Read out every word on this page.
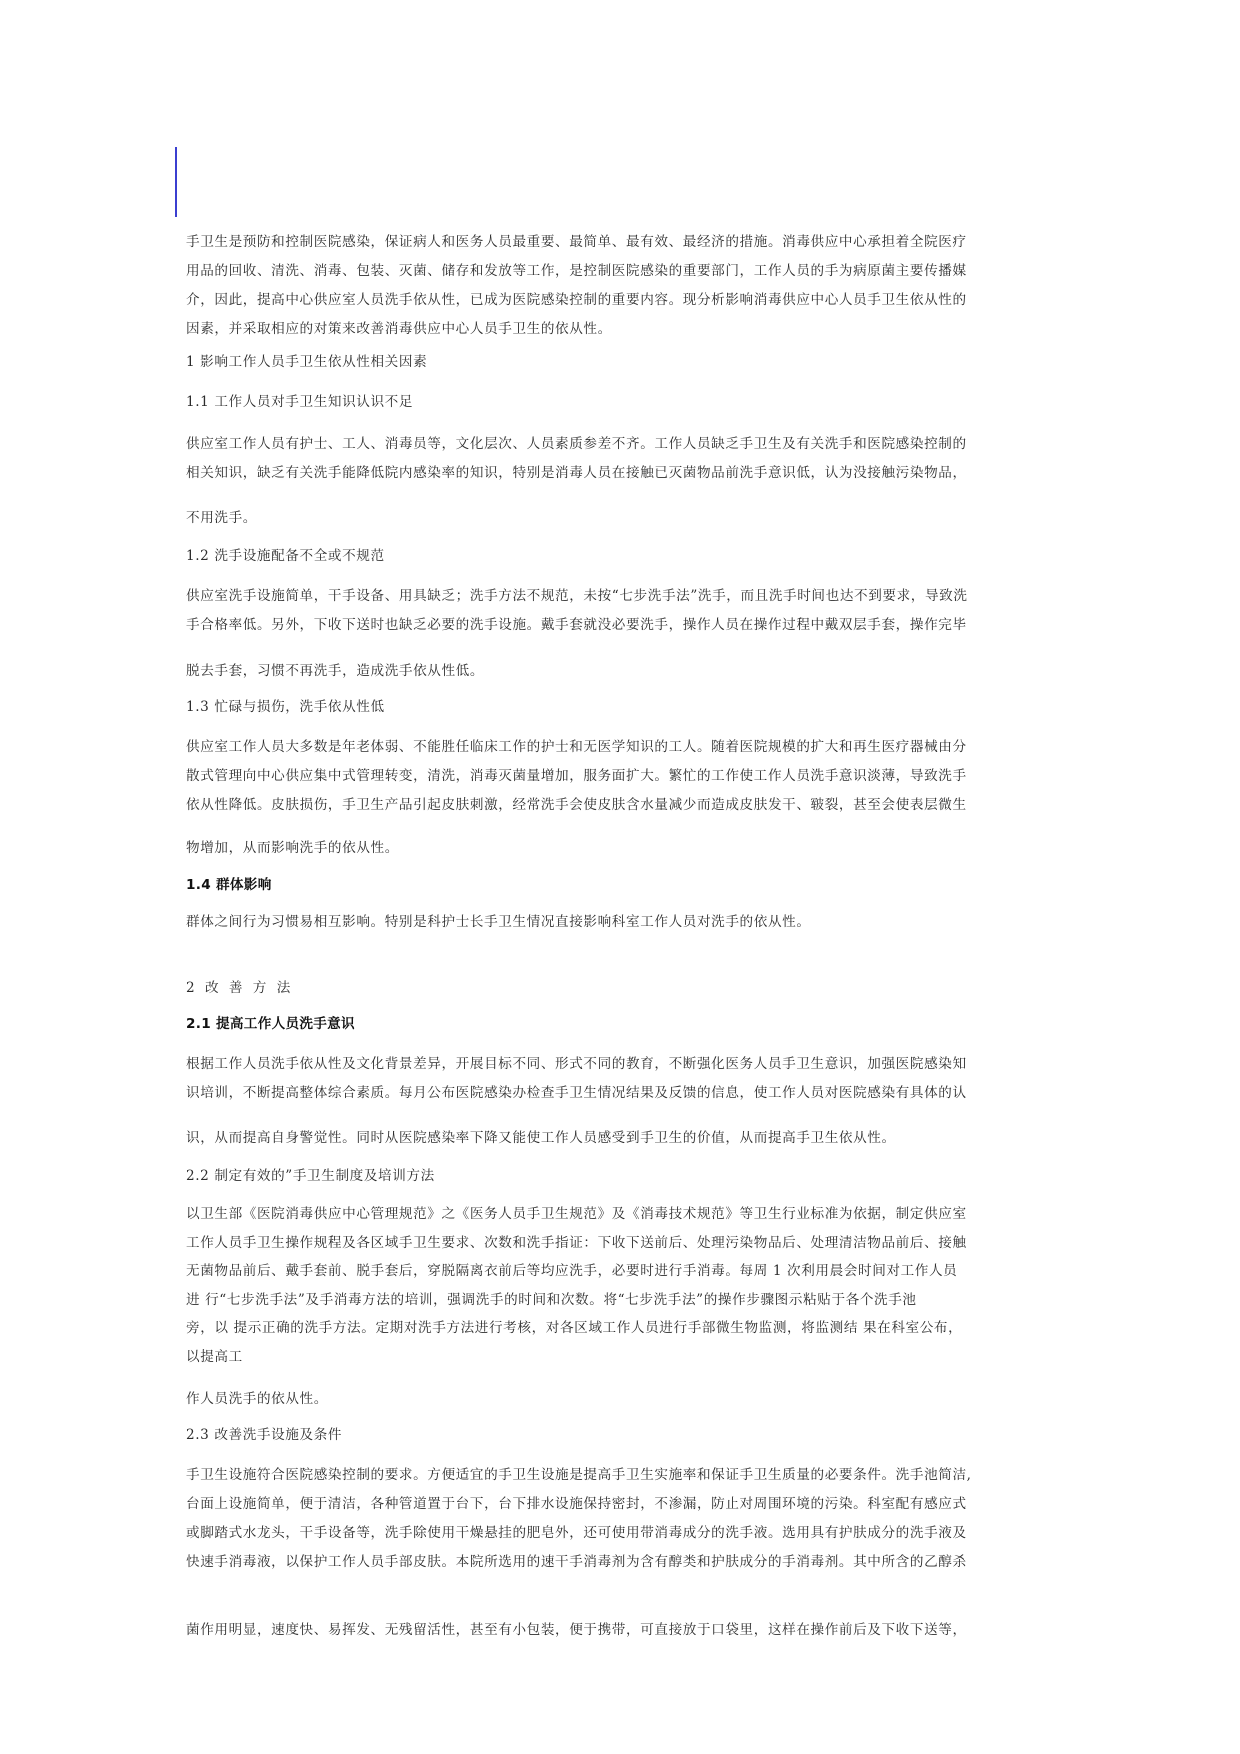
手卫生是预防和控制医院感染，保证病人和医务人员最重要、最简单、最有效、最经济的措施。消毒供应中心承担着全院医疗
用品的回收、清洗、消毒、包装、灭菌、储存和发放等工作，是控制医院感染的重要部门，工作人员的手为病原菌主要传播媒
介，因此，提高中心供应室人员洗手依从性，已成为医院感染控制的重要内容。现分析影响消毒供应中心人员手卫生依从性的
因素，并采取相应的对策来改善消毒供应中心人员手卫生的依从性。
1 影响工作人员手卫生依从性相关因素
1.1 工作人员对手卫生知识认识不足
供应室工作人员有护士、工人、消毒员等，文化层次、人员素质参差不齐。工作人员缺乏手卫生及有关洗手和医院感染控制的
相关知识，缺乏有关洗手能降低院内感染率的知识，特别是消毒人员在接触已灭菌物品前洗手意识低，认为没接触污染物品，
不用洗手。
1.2 洗手设施配备不全或不规范
供应室洗手设施简单，干手设备、用具缺乏；洗手方法不规范，未按“七步洗手法”洗手，而且洗手时间也达不到要求，导致洗
手合格率低。另外，下收下送时也缺乏必要的洗手设施。戴手套就没必要洗手，操作人员在操作过程中戴双层手套，操作完毕
脱去手套，习惯不再洗手，造成洗手依从性低。
1.3 忙碌与损伤，洗手依从性低
供应室工作人员大多数是年老体弱、不能胜任临床工作的护士和无医学知识的工人。随着医院规模的扩大和再生医疗器械由分
散式管理向中心供应集中式管理转变，清洗，消毒灭菌量增加，服务面扩大。繁忙的工作使工作人员洗手意识淡薄，导致洗手
依从性降低。皮肤损伤，手卫生产品引起皮肤刺激，经常洗手会使皮肤含水量减少而造成皮肤发干、皲裂，甚至会使表层微生
物增加，从而影响洗手的依从性。
1.4 群体影响
群体之间行为习惯易相互影响。特别是科护士长手卫生情况直接影响科室工作人员对洗手的依从性。
2 改 善 方 法
2.1 提高工作人员洗手意识
根据工作人员洗手依从性及文化背景差异，开展目标不同、形式不同的教育，不断强化医务人员手卫生意识，加强医院感染知
识培训，不断提高整体综合素质。每月公布医院感染办检查手卫生情况结果及反馈的信息，使工作人员对医院感染有具体的认
识，从而提高自身警觉性。同时从医院感染率下降又能使工作人员感受到手卫生的价值，从而提高手卫生依从性。
2.2 制定有效的”手卫生制度及培训方法
以卫生部《医院消毒供应中心管理规范》之《医务人员手卫生规范》及《消毒技术规范》等卫生行业标准为依据，制定供应室
工作人员手卫生操作规程及各区域手卫生要求、次数和洗手指证：下收下送前后、处理污染物品后、处理清洁物品前后、接触
无菌物品前后、戴手套前、脱手套后，穿脱隔离衣前后等均应洗手，必要时进行手消毒。每周 1 次利用晨会时间对工作人员
进 行“七步洗手法”及手消毒方法的培训，强调洗手的时间和次数。将“七步洗手法”的操作步骤图示粘贴于各个洗手池
旁，以 提示正确的洗手方法。定期对洗手方法进行考核，对各区域工作人员进行手部微生物监测，将监测结 果在科室公布，
以提高工
作人员洗手的依从性。
2.3 改善洗手设施及条件
手卫生设施符合医院感染控制的要求。方便适宜的手卫生设施是提高手卫生实施率和保证手卫生质量的必要条件。洗手池简洁,
台面上设施简单，便于清洁，各种管道置于台下，台下排水设施保持密封，不渗漏，防止对周围环境的污染。科室配有感应式
或脚踏式水龙头，干手设备等，洗手除使用干燥悬挂的肥皂外，还可使用带消毒成分的洗手液。选用具有护肤成分的洗手液及
快速手消毒液，以保护工作人员手部皮肤。本院所选用的速干手消毒剂为含有醇类和护肤成分的手消毒剂。其中所含的乙醇杀
菌作用明显，速度快、易挥发、无残留活性，甚至有小包装，便于携带，可直接放于口袋里，这样在操作前后及下收下送等，
